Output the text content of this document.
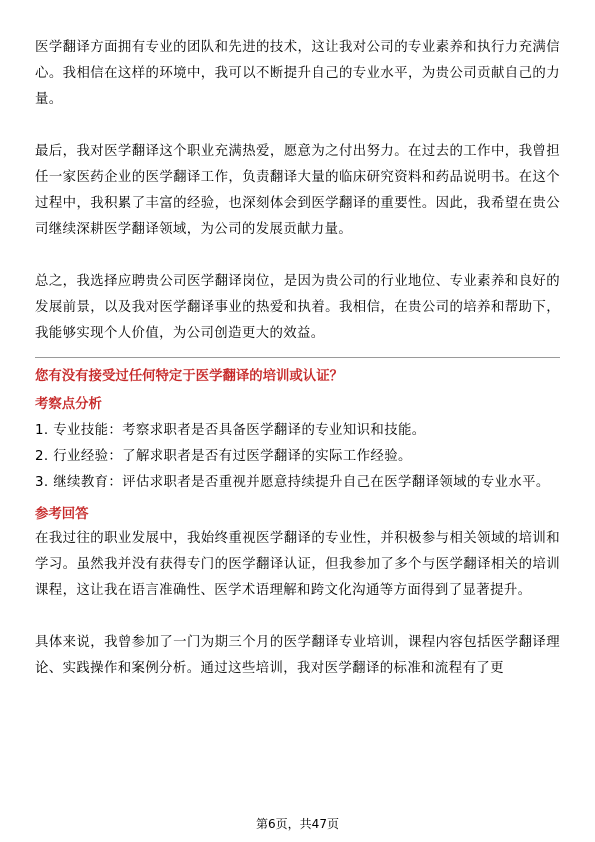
医学翻译方面拥有专业的团队和先进的技术，这让我对公司的专业素养和执行力充满信心。我相信在这样的环境中，我可以不断提升自己的专业水平，为贵公司贡献自己的力量。

最后，我对医学翻译这个职业充满热爱，愿意为之付出努力。在过去的工作中，我曾担任一家医药企业的医学翻译工作，负责翻译大量的临床研究资料和药品说明书。在这个过程中，我积累了丰富的经验，也深刻体会到医学翻译的重要性。因此，我希望在贵公司继续深耕医学翻译领域，为公司的发展贡献力量。

总之，我选择应聘贵公司医学翻译岗位，是因为贵公司的行业地位、专业素养和良好的发展前景，以及我对医学翻译事业的热爱和执着。我相信，在贵公司的培养和帮助下，我能够实现个人价值，为公司创造更大的效益。

您有没有接受过任何特定于医学翻译的培训或认证？
考察点分析
1. 专业技能：考察求职者是否具备医学翻译的专业知识和技能。
2. 行业经验：了解求职者是否有过医学翻译的实际工作经验。
3. 继续教育：评估求职者是否重视并愿意持续提升自己在医学翻译领域的专业水平。
参考回答

在我过往的职业发展中，我始终重视医学翻译的专业性，并积极参与相关领域的培训和学习。虽然我并没有获得专门的医学翻译认证，但我参加了多个与医学翻译相关的培训课程，这让我在语言准确性、医学术语理解和跨文化沟通等方面得到了显著提升。

具体来说，我曾参加了一门为期三个月的医学翻译专业培训，课程内容包括医学翻译理论、实践操作和案例分析。通过这些培训，我对医学翻译的标准和流程有了更

第6页，共47页
